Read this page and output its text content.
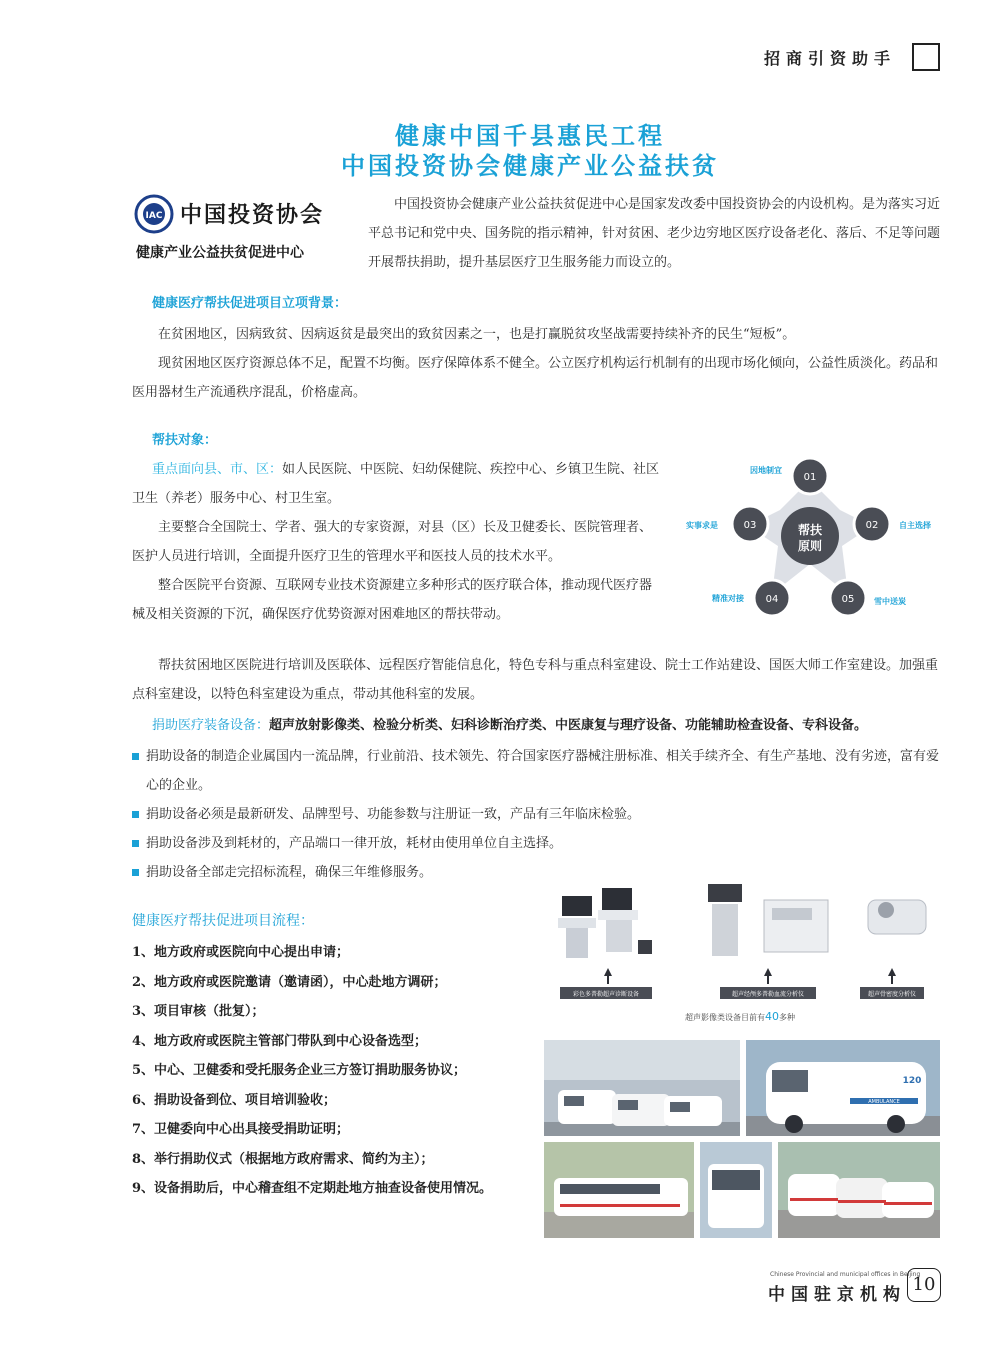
招商引资助手
健康中国千县惠民工程
中国投资协会健康产业公益扶贫
IAC 中国投资协会
健康产业公益扶贫促进中心

中国投资协会健康产业公益扶贫促进中心是国家发改委中国投资协会的内设机构。是为落实习近平总书记和党中央、国务院的指示精神，针对贫困、老少边穷地区医疗设备老化、落后、不足等问题开展帮扶捐助，提升基层医疗卫生服务能力而设立的。

健康医疗帮扶促进项目立项背景：

在贫困地区，因病致贫、因病返贫是最突出的致贫因素之一，也是打赢脱贫攻坚战需要持续补齐的民生“短板”。

现贫困地区医疗资源总体不足，配置不均衡。医疗保障体系不健全。公立医疗机构运行机制有的出现市场化倾向，公益性质淡化。药品和医用器材生产流通秩序混乱，价格虚高。

帮扶对象：

重点面向县、市、区：如人民医院、中医院、妇幼保健院、疾控中心、乡镇卫生院、社区卫生（养老）服务中心、村卫生室。

主要整合全国院士、学者、强大的专家资源，对县（区）长及卫健委长、医院管理者、医护人员进行培训，全面提升医疗卫生的管理水平和医技人员的技术水平。

整合医院平台资源、互联网专业技术资源建立多种形式的医疗联合体，推动现代医疗器械及相关资源的下沉，确保医疗优势资源对困难地区的帮扶带动。

帮扶
原则
01
因地制宜
02	自主选择
03
实事求是
04
精准对接	05 雪中送炭

帮扶贫困地区医院进行培训及医联体、远程医疗智能信息化，特色专科与重点科室建设、院士工作站建设、国医大师工作室建设。加强重点科室建设，以特色科室建设为重点，带动其他科室的发展。

捐助医疗装备设备：超声放射影像类、检验分析类、妇科诊断治疗类、中医康复与理疗设备、功能辅助检查设备、专科设备。
捐助设备的制造企业属国内一流品牌，行业前沿、技术领先、符合国家医疗器械注册标准、相关手续齐全、有生产基地、没有劣迹，富有爱心的企业。
捐助设备必须是最新研发、品牌型号、功能参数与注册证一致，产品有三年临床检验。
捐助设备涉及到耗材的，产品端口一律开放，耗材由使用单位自主选择。
捐助设备全部走完招标流程，确保三年维修服务。
健康医疗帮扶促进项目流程：
1、地方政府或医院向中心提出申请；
2、地方政府或医院邀请（邀请函），中心赴地方调研；
3、项目审核（批复）；
4、地方政府或医院主管部门带队到中心设备选型；
5、中心、卫健委和受托服务企业三方签订捐助服务协议；
6、捐助设备到位、项目培训验收；
7、卫健委向中心出具接受捐助证明；
8、举行捐助仪式（根据地方政府需求、简约为主）；
9、设备捐助后，中心稽查组不定期赴地方抽查设备使用情况。
彩色多普勒超声诊断设备	超声经颅多普勒血流分析仪	超声骨密度分析仪
超声影像类设备目前有40多种
AMBULANCE
120
Chinese Provincial and municipal offices in Beijing
中国驻京机构 10
